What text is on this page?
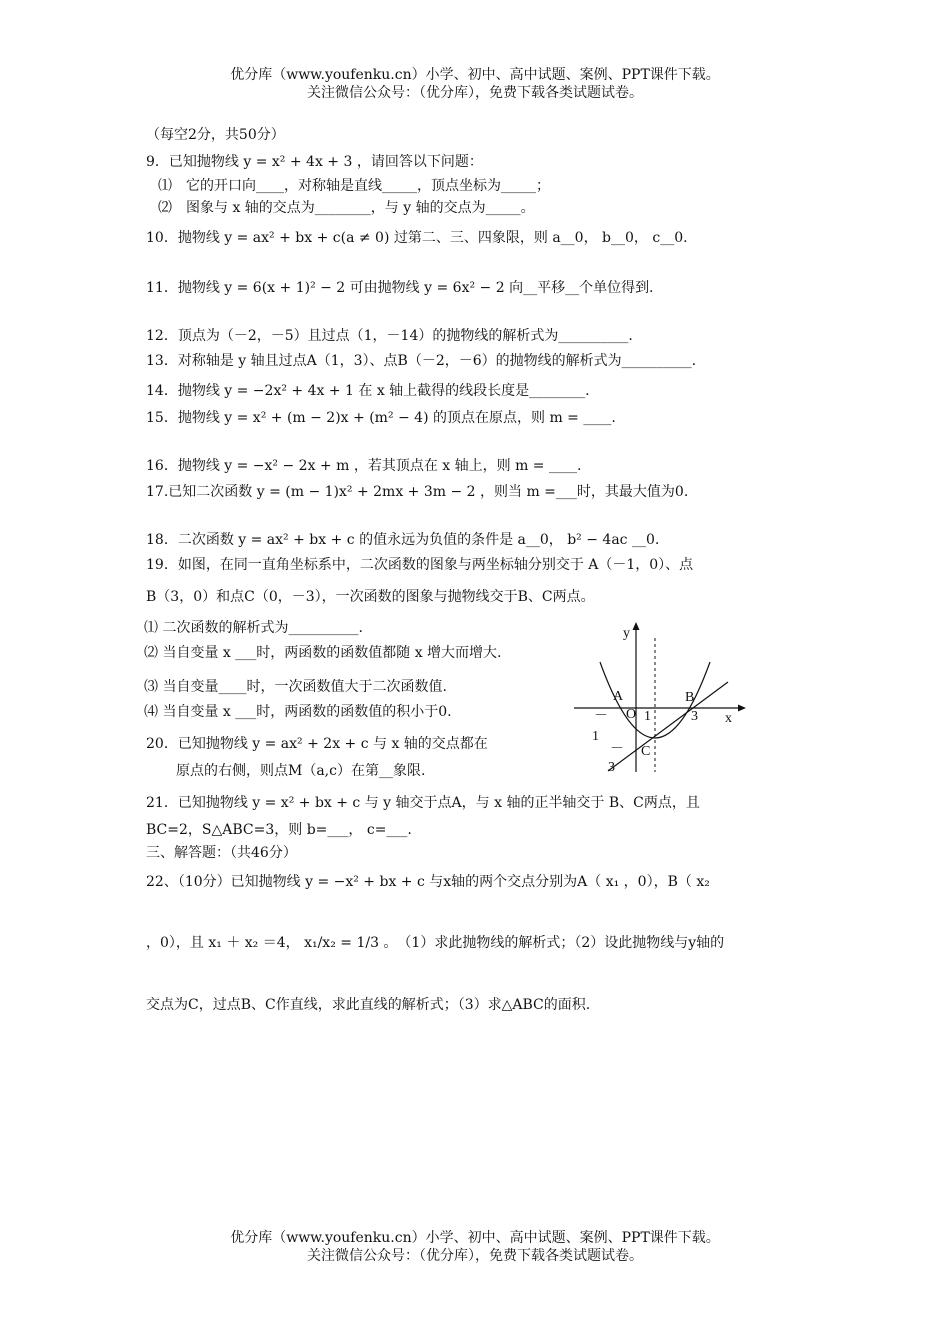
优分库（www.youfenku.cn）小学、初中、高中试题、案例、PPT课件下载。
关注微信公众号：（优分库），免费下载各类试题试卷。
（每空2分，共50分）
9．已知抛物线 y = x² + 4x + 3 ，请回答以下问题：
⑴　它的开口向____，对称轴是直线_____，顶点坐标为_____；
⑵　图象与 x 轴的交点为________，与 y 轴的交点为_____。
10．抛物线 y = ax² + bx + c(a ≠ 0) 过第二、三、四象限，则 a__0， b__0， c__0.
11．抛物线 y = 6(x + 1)² − 2 可由抛物线 y = 6x² − 2 向__平移__个单位得到.
12．顶点为（－2，－5）且过点（1，－14）的抛物线的解析式为__________.
13．对称轴是 y 轴且过点A（1，3）、点B（－2，－6）的抛物线的解析式为__________.
14．抛物线 y = −2x² + 4x + 1 在 x 轴上截得的线段长度是________.
15．抛物线 y = x² + (m − 2)x + (m² − 4) 的顶点在原点，则 m = ____.
16．抛物线 y = −x² − 2x + m ，若其顶点在 x 轴上，则 m = ____.
17.已知二次函数 y = (m − 1)x² + 2mx + 3m − 2 ，则当 m =___时，其最大值为0.
18．二次函数 y = ax² + bx + c 的值永远为负值的条件是 a__0， b² − 4ac __0.
19．如图，在同一直角坐标系中，二次函数的图象与两坐标轴分别交于 A（－1，0）、点
B（3，0）和点C（0，－3），一次函数的图象与抛物线交于B、C两点。
⑴ 二次函数的解析式为__________.
⑵ 当自变量 x ___时，两函数的函数值都随 x 增大而增大.
⑶ 当自变量____时，一次函数值大于二次函数值.
⑷ 当自变量 x ___时，两函数的函数值的积小于0.
20．已知抛物线 y = ax² + 2x + c 与 x 轴的交点都在
原点的右侧，则点M（a,c）在第__象限.
21．已知抛物线 y = x² + bx + c 与 y 轴交于点A，与 x 轴的正半轴交于 B、C两点，且
BC=2，S△ABC=3，则 b=___， c=___.
三、解答题：（共46分）
22、（10分）已知抛物线 y = −x² + bx + c 与x轴的两个交点分别为A（ x₁ ，0），B（ x₂
，0），且 x₁ ＋ x₂ ＝4， x₁/x₂ = 1/3 。　（1）求此抛物线的解析式；（2）设此抛物线与y轴的
交点为C，过点B、C作直线，求此直线的解析式；（3）求△ABC的面积.
y
x
A	B
C
O 1	3
－
1
－
3
优分库（www.youfenku.cn）小学、初中、高中试题、案例、PPT课件下载。
关注微信公众号：（优分库），免费下载各类试题试卷。
